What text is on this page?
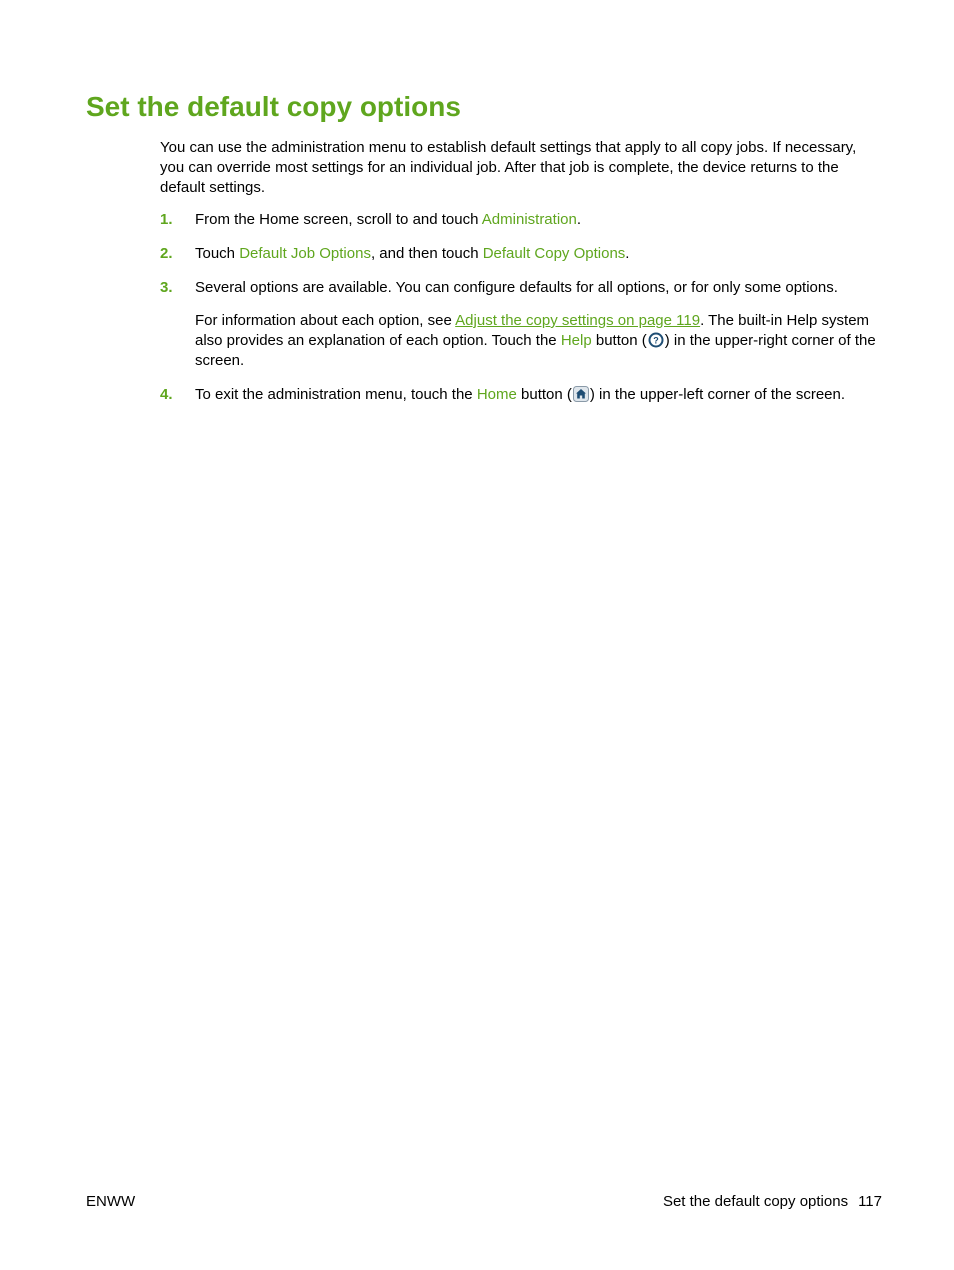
Set the default copy options

You can use the administration menu to establish default settings that apply to all copy jobs. If necessary, you can override most settings for an individual job. After that job is complete, the device returns to the default settings.

1. From the Home screen, scroll to and touch Administration.
2. Touch Default Job Options, and then touch Default Copy Options.
3. Several options are available. You can configure defaults for all options, or for only some options.
For information about each option, see Adjust the copy settings on page 119. The built-in Help system also provides an explanation of each option. Touch the Help button ( ? ) in the upper-right corner of the screen.
4. To exit the administration menu, touch the Home button ( ) in the upper-left corner of the screen.
ENWW	Set the default copy options 117
